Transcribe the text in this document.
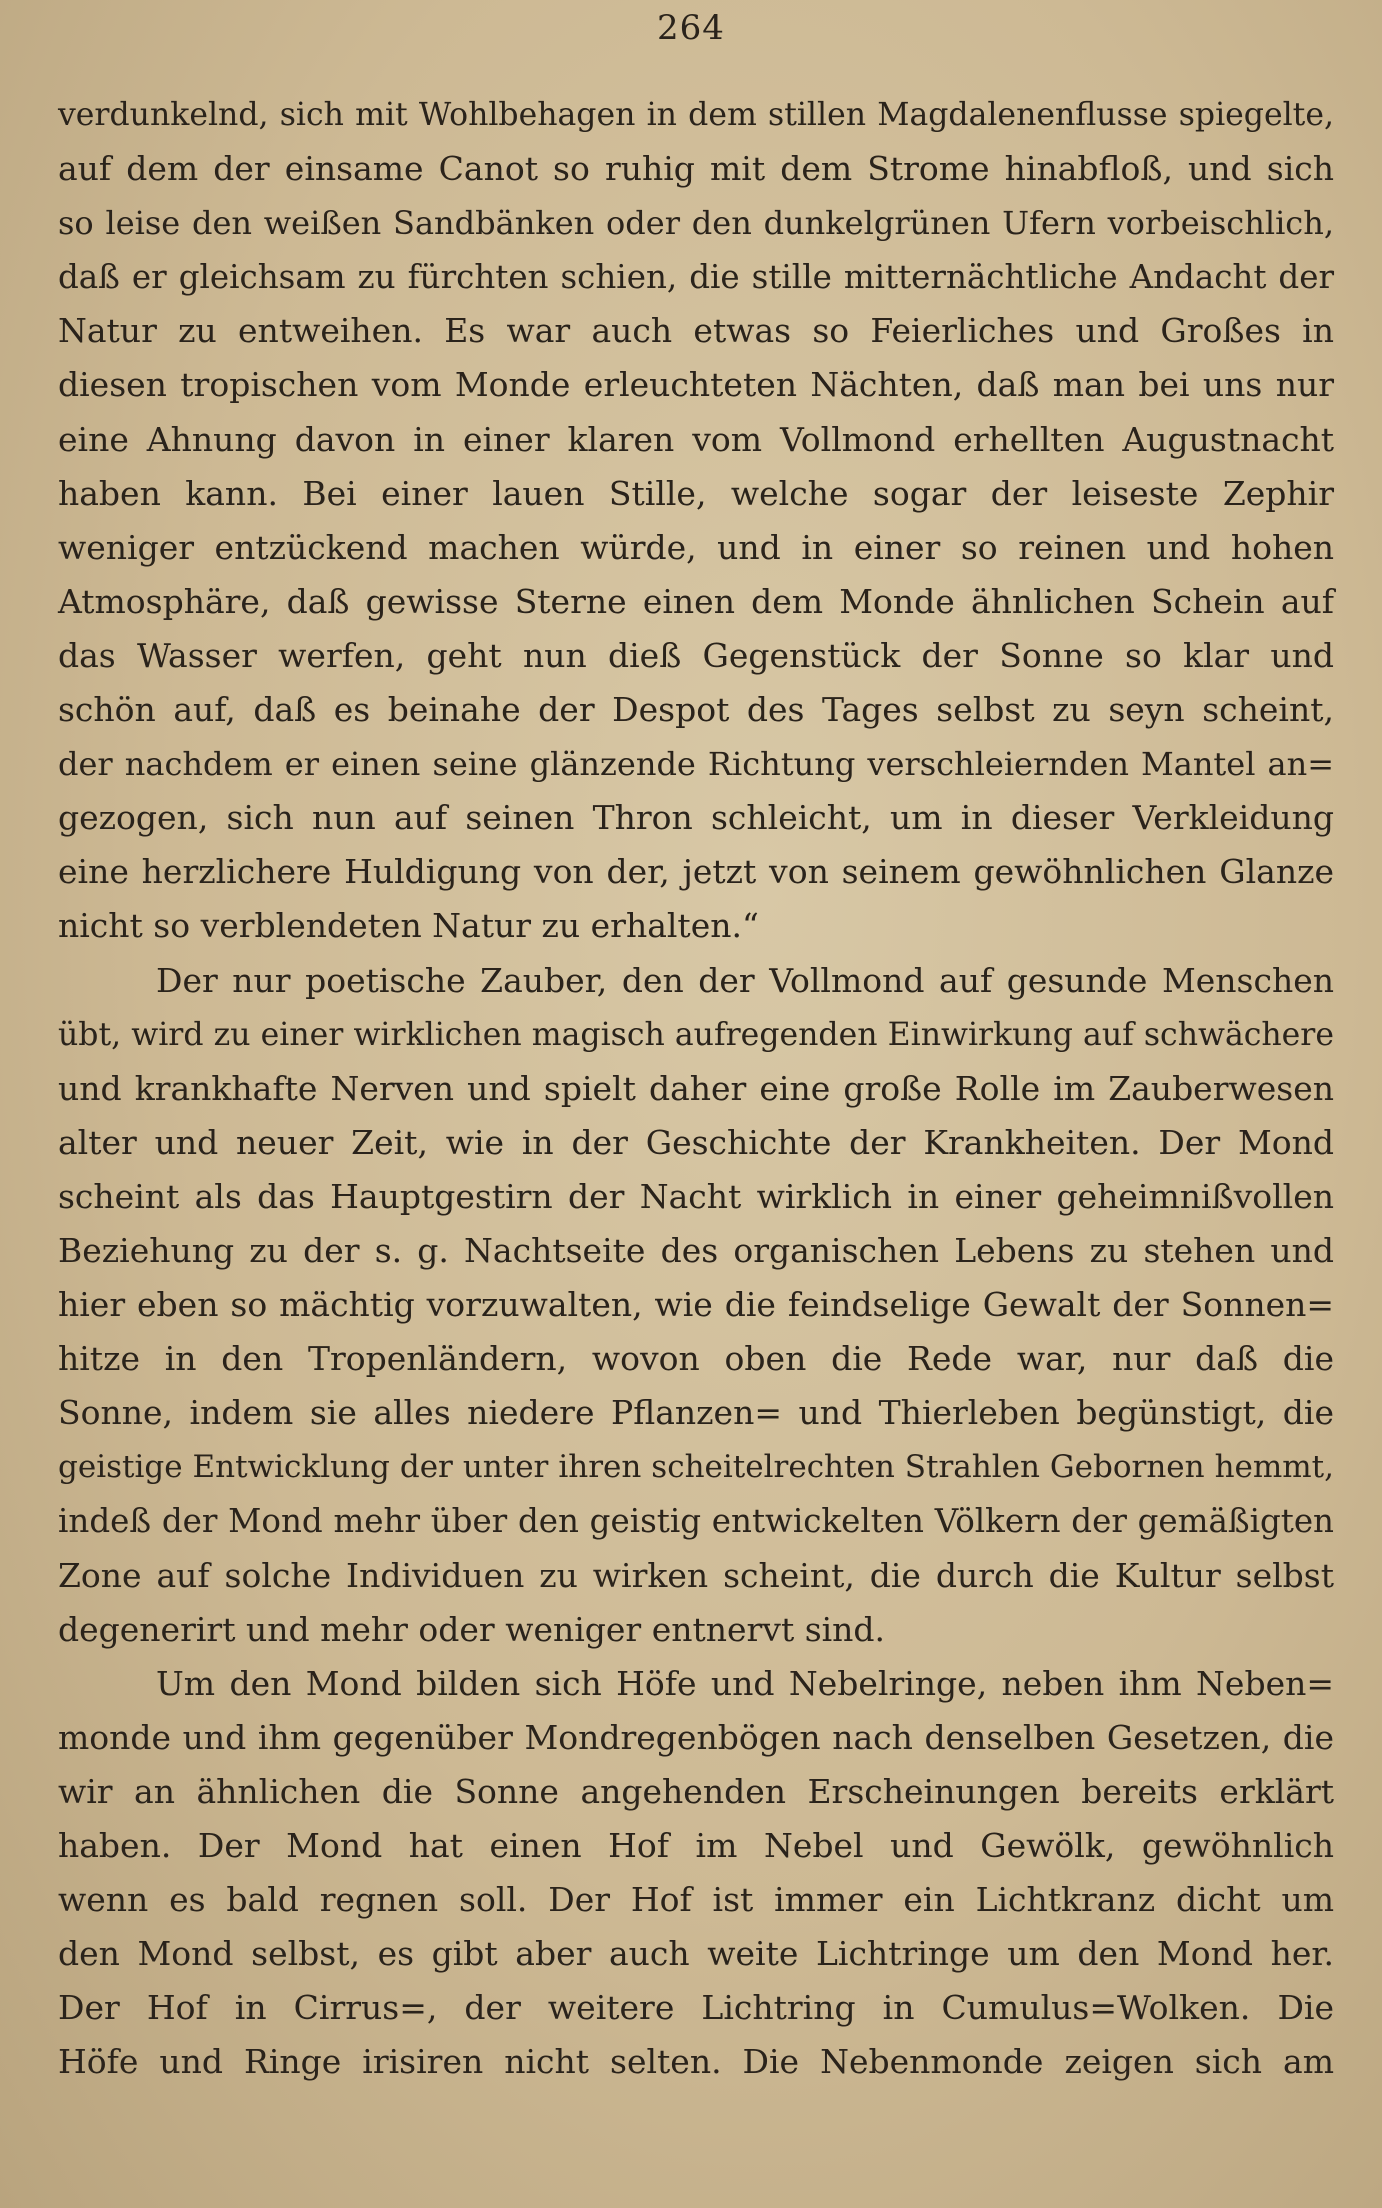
264
verdunkelnd, sich mit Wohlbehagen in dem stillen Magdalenenflusse spiegelte,
auf dem der einsame Canot so ruhig mit dem Strome hinabfloß, und sich
so leise den weißen Sandbänken oder den dunkelgrünen Ufern vorbeischlich,
daß er gleichsam zu fürchten schien, die stille mitternächtliche Andacht der
Natur zu entweihen. Es war auch etwas so Feierliches und Großes in
diesen tropischen vom Monde erleuchteten Nächten, daß man bei uns nur
eine Ahnung davon in einer klaren vom Vollmond erhellten Augustnacht
haben kann. Bei einer lauen Stille, welche sogar der leiseste Zephir
weniger entzückend machen würde, und in einer so reinen und hohen
Atmosphäre, daß gewisse Sterne einen dem Monde ähnlichen Schein auf
das Wasser werfen, geht nun dieß Gegenstück der Sonne so klar und
schön auf, daß es beinahe der Despot des Tages selbst zu seyn scheint,
der nachdem er einen seine glänzende Richtung verschleiernden Mantel an=
gezogen, sich nun auf seinen Thron schleicht, um in dieser Verkleidung
eine herzlichere Huldigung von der, jetzt von seinem gewöhnlichen Glanze
nicht so verblendeten Natur zu erhalten.“
Der nur poetische Zauber, den der Vollmond auf gesunde Menschen
übt, wird zu einer wirklichen magisch aufregenden Einwirkung auf schwächere
und krankhafte Nerven und spielt daher eine große Rolle im Zauberwesen
alter und neuer Zeit, wie in der Geschichte der Krankheiten. Der Mond
scheint als das Hauptgestirn der Nacht wirklich in einer geheimnißvollen
Beziehung zu der s. g. Nachtseite des organischen Lebens zu stehen und
hier eben so mächtig vorzuwalten, wie die feindselige Gewalt der Sonnen=
hitze in den Tropenländern, wovon oben die Rede war, nur daß die
Sonne, indem sie alles niedere Pflanzen= und Thierleben begünstigt, die
geistige Entwicklung der unter ihren scheitelrechten Strahlen Gebornen hemmt,
indeß der Mond mehr über den geistig entwickelten Völkern der gemäßigten
Zone auf solche Individuen zu wirken scheint, die durch die Kultur selbst
degenerirt und mehr oder weniger entnervt sind.
Um den Mond bilden sich Höfe und Nebelringe, neben ihm Neben=
monde und ihm gegenüber Mondregenbögen nach denselben Gesetzen, die
wir an ähnlichen die Sonne angehenden Erscheinungen bereits erklärt
haben. Der Mond hat einen Hof im Nebel und Gewölk, gewöhnlich
wenn es bald regnen soll. Der Hof ist immer ein Lichtkranz dicht um
den Mond selbst, es gibt aber auch weite Lichtringe um den Mond her.
Der Hof in Cirrus=, der weitere Lichtring in Cumulus=Wolken. Die
Höfe und Ringe irisiren nicht selten. Die Nebenmonde zeigen sich am
